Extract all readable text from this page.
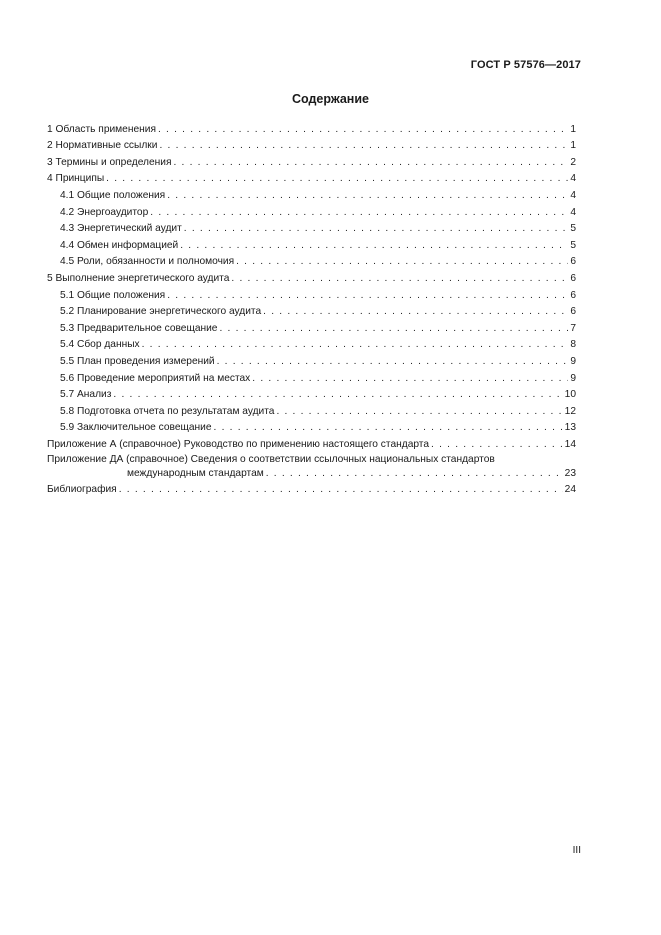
ГОСТ Р 57576—2017
Содержание
1 Область применения . . .	1
2 Нормативные ссылки . . .	1
3 Термины и определения . . .	2
4 Принципы . . .	4
4.1 Общие положения . . .	4
4.2 Энергоаудитор . . .	4
4.3 Энергетический аудит . . .	5
4.4 Обмен информацией . . .	5
4.5 Роли, обязанности и полномочия . . .	6
5 Выполнение энергетического аудита . . .	6
5.1 Общие положения . . .	6
5.2 Планирование энергетического аудита . . .	6
5.3 Предварительное совещание . . .	7
5.4 Сбор данных . . .	8
5.5 План проведения измерений . . .	9
5.6 Проведение мероприятий на местах . . .	9
5.7 Анализ . . .	10
5.8 Подготовка отчета по результатам аудита . . .	12
5.9 Заключительное совещание . . .	13
Приложение А (справочное) Руководство по применению настоящего стандарта . . .	14
Приложение ДА (справочное) Сведения о соответствии ссылочных национальных стандартов
международным стандартам . . .	23
Библиография . . .	24
III
